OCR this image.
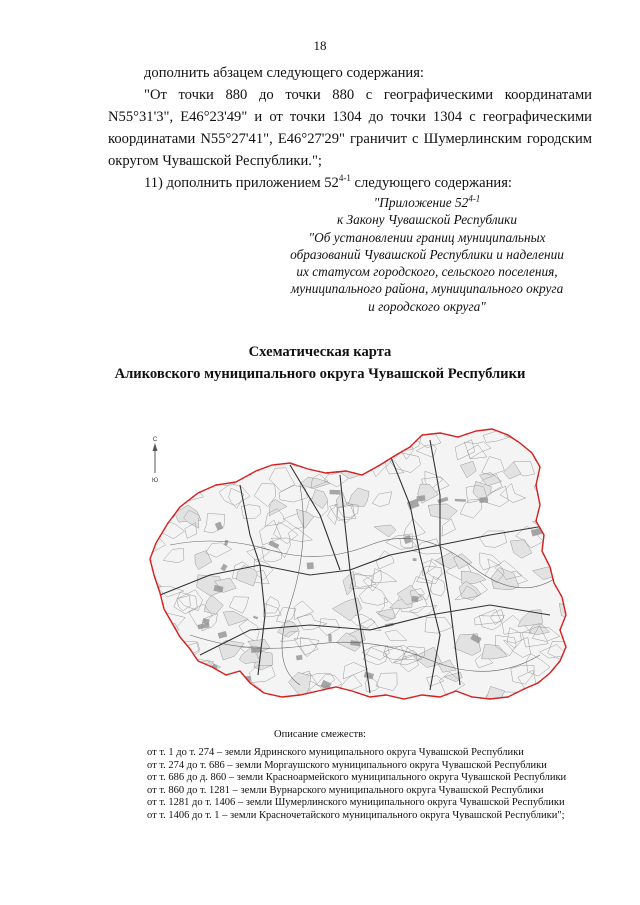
18
дополнить абзацем следующего содержания:
"От точки 880 до точки 880 с географическими координатами N55°31'3", E46°23'49" и от точки 1304 до точки 1304 с географическими координатами N55°27'41", E46°27'29" граничит с Шумерлинским городским округом Чувашской Республики.";
11) дополнить приложением 52$^{4-1}$ следующего содержания:
"Приложение 52$^{4-1}$
к Закону Чувашской Республики
"Об установлении границ муниципальных
образований Чувашской Республики и наделении
их статусом городского, сельского поселения,
муниципального района, муниципального округа
и городского округа"
Схематическая карта
Аликовского муниципального округа Чувашской Республики
С
Ю
Описание смежеств:
от т. 1 до т. 274 – земли Ядринского муниципального округа Чувашской Республики
от т. 274 до т. 686 – земли Моргаушского муниципального округа Чувашской Республики
от т. 686 до д. 860 – земли Красноармейского муниципального округа Чувашской Республики
от т. 860 до т. 1281 – земли Вурнарского муниципального округа Чувашской Республики
от т. 1281 до т. 1406 – земли Шумерлинского муниципального округа Чувашской Республики
от т. 1406 до т. 1 – земли Красночетайского муниципального округа Чувашской Республики";
